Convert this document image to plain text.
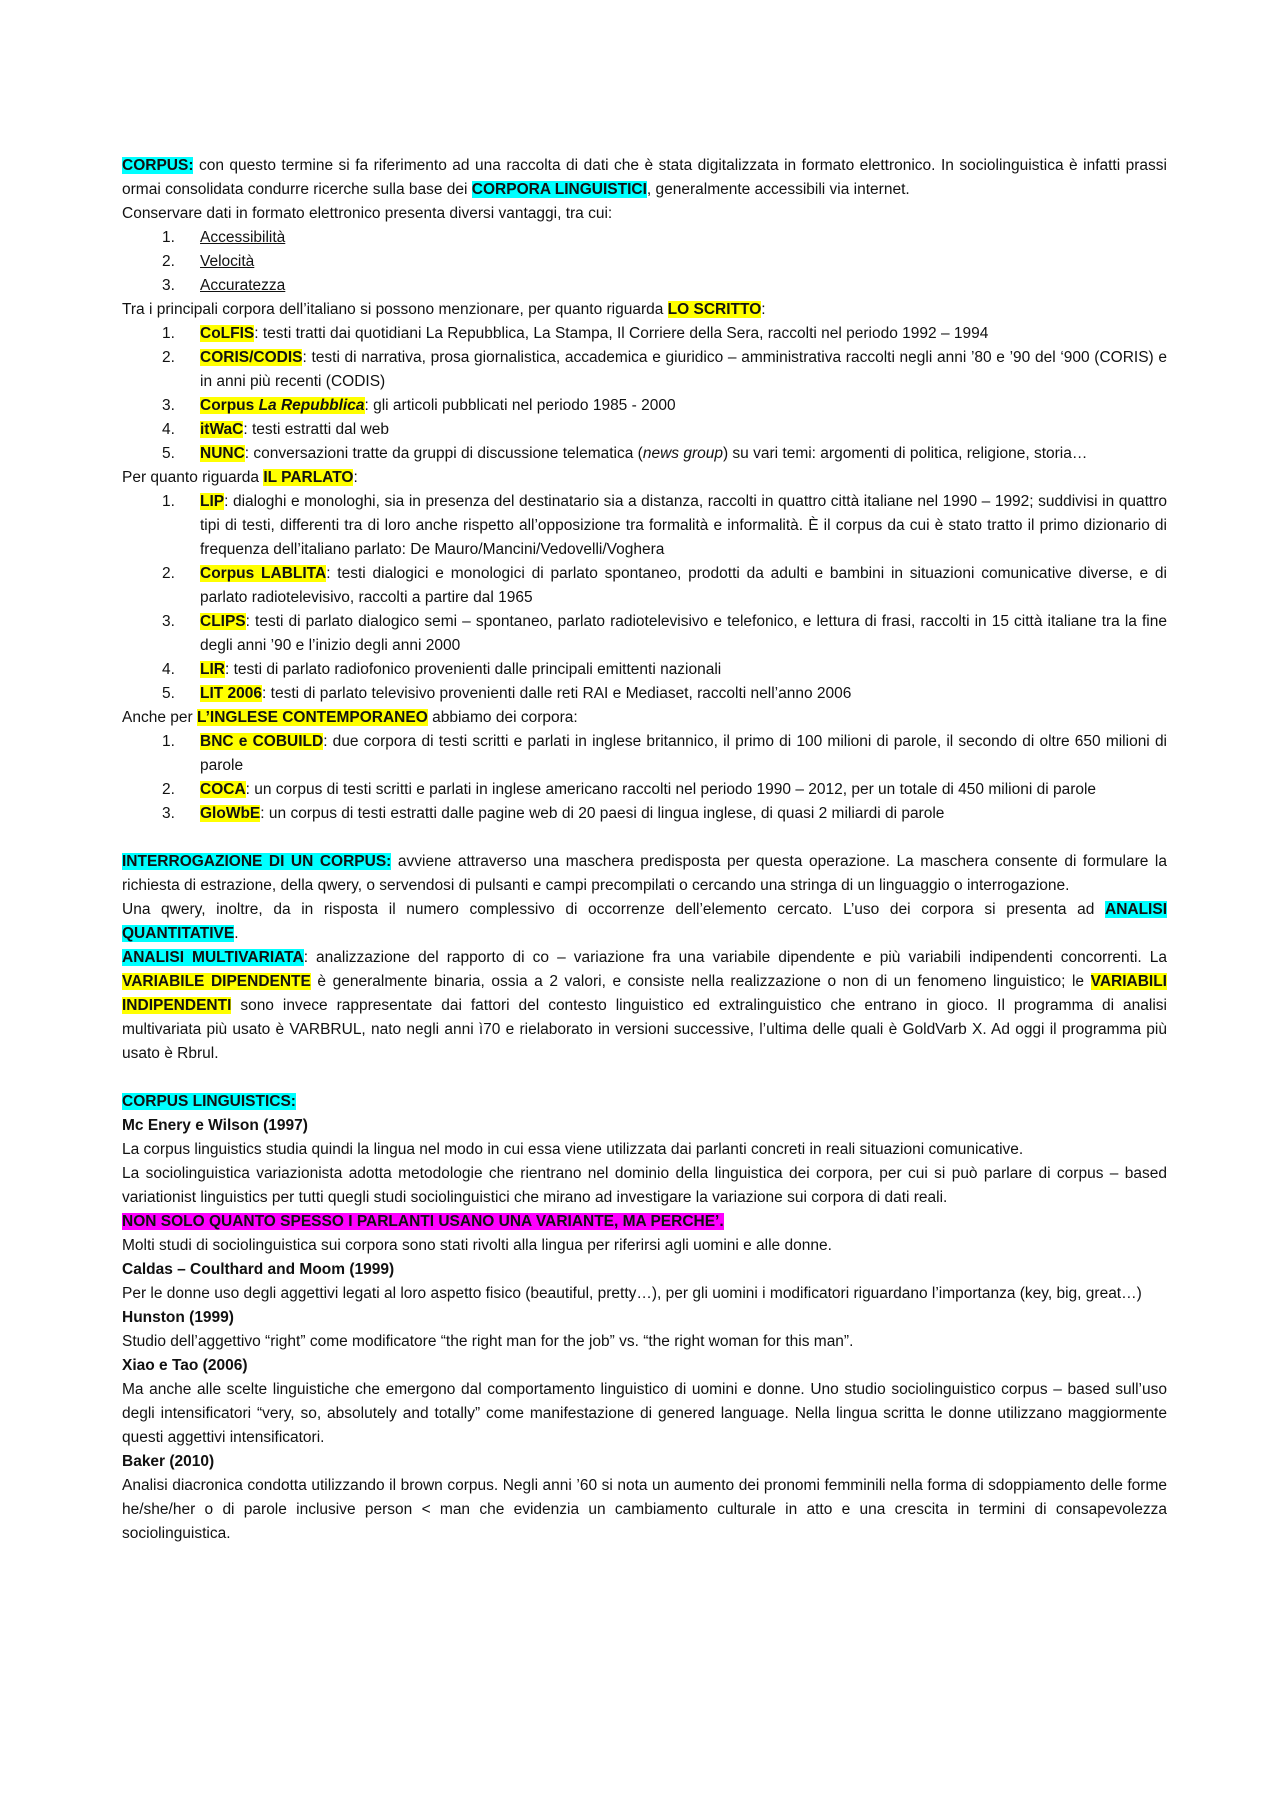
CORPUS: con questo termine si fa riferimento ad una raccolta di dati che è stata digitalizzata in formato elettronico. In sociolinguistica è infatti prassi ormai consolidata condurre ricerche sulla base dei CORPORA LINGUISTICI, generalmente accessibili via internet.

Conservare dati in formato elettronico presenta diversi vantaggi, tra cui:

1. Accessibilità
2. Velocità
3. Accuratezza

Tra i principali corpora dell’italiano si possono menzionare, per quanto riguarda LO SCRITTO:

1. CoLFIS: testi tratti dai quotidiani La Repubblica, La Stampa, Il Corriere della Sera, raccolti nel periodo 1992 – 1994
2. CORIS/CODIS: testi di narrativa, prosa giornalistica, accademica e giuridico – amministrativa raccolti negli anni ’80 e ’90 del ‘900 (CORIS) e in anni più recenti (CODIS)
3. Corpus La Repubblica: gli articoli pubblicati nel periodo 1985 - 2000
4. itWaC: testi estratti dal web
5. NUNC: conversazioni tratte da gruppi di discussione telematica (news group) su vari temi: argomenti di politica, religione, storia…

Per quanto riguarda IL PARLATO:

1. LIP: dialoghi e monologhi, sia in presenza del destinatario sia a distanza, raccolti in quattro città italiane nel 1990 – 1992; suddivisi in quattro tipi di testi, differenti tra di loro anche rispetto all’opposizione tra formalità e informalità. È il corpus da cui è stato tratto il primo dizionario di frequenza dell’italiano parlato: De Mauro/Mancini/Vedovelli/Voghera
2. Corpus LABLITA: testi dialogici e monologici di parlato spontaneo, prodotti da adulti e bambini in situazioni comunicative diverse, e di parlato radiotelevisivo, raccolti a partire dal 1965
3. CLIPS: testi di parlato dialogico semi – spontaneo, parlato radiotelevisivo e telefonico, e lettura di frasi, raccolti in 15 città italiane tra la fine degli anni ’90 e l’inizio degli anni 2000
4. LIR: testi di parlato radiofonico provenienti dalle principali emittenti nazionali
5. LIT 2006: testi di parlato televisivo provenienti dalle reti RAI e Mediaset, raccolti nell’anno 2006

Anche per L’INGLESE CONTEMPORANEO abbiamo dei corpora:

1. BNC e COBUILD: due corpora di testi scritti e parlati in inglese britannico, il primo di 100 milioni di parole, il secondo di oltre 650 milioni di parole
2. COCA: un corpus di testi scritti e parlati in inglese americano raccolti nel periodo 1990 – 2012, per un totale di 450 milioni di parole
3. GloWbE: un corpus di testi estratti dalle pagine web di 20 paesi di lingua inglese, di quasi 2 miliardi di parole

INTERROGAZIONE DI UN CORPUS: avviene attraverso una maschera predisposta per questa operazione. La maschera consente di formulare la richiesta di estrazione, della qwery, o servendosi di pulsanti e campi precompilati o cercando una stringa di un linguaggio o interrogazione.

Una qwery, inoltre, da in risposta il numero complessivo di occorrenze dell’elemento cercato. L’uso dei corpora si presenta ad ANALISI QUANTITATIVE.

ANALISI MULTIVARIATA: analizzazione del rapporto di co – variazione fra una variabile dipendente e più variabili indipendenti concorrenti. La VARIABILE DIPENDENTE è generalmente binaria, ossia a 2 valori, e consiste nella realizzazione o non di un fenomeno linguistico; le VARIABILI INDIPENDENTI sono invece rappresentate dai fattori del contesto linguistico ed extralinguistico che entrano in gioco. Il programma di analisi multivariata più usato è VARBRUL, nato negli anni ì70 e rielaborato in versioni successive, l’ultima delle quali è GoldVarb X. Ad oggi il programma più usato è Rbrul.

CORPUS LINGUISTICS:

Mc Enery e Wilson (1997)

La corpus linguistics studia quindi la lingua nel modo in cui essa viene utilizzata dai parlanti concreti in reali situazioni comunicative.

La sociolinguistica variazionista adotta metodologie che rientrano nel dominio della linguistica dei corpora, per cui si può parlare di corpus – based variationist linguistics per tutti quegli studi sociolinguistici che mirano ad investigare la variazione sui corpora di dati reali.

NON SOLO QUANTO SPESSO I PARLANTI USANO UNA VARIANTE, MA PERCHE’.

Molti studi di sociolinguistica sui corpora sono stati rivolti alla lingua per riferirsi agli uomini e alle donne.

Caldas – Coulthard and Moom (1999)

Per le donne uso degli aggettivi legati al loro aspetto fisico (beautiful, pretty…), per gli uomini i modificatori riguardano l’importanza (key, big, great…)

Hunston (1999)

Studio dell’aggettivo “right” come modificatore “the right man for the job” vs. “the right woman for this man”.

Xiao e Tao (2006)

Ma anche alle scelte linguistiche che emergono dal comportamento linguistico di uomini e donne. Uno studio sociolinguistico corpus – based sull’uso degli intensificatori “very, so, absolutely and totally” come manifestazione di genered language. Nella lingua scritta le donne utilizzano maggiormente questi aggettivi intensificatori.

Baker (2010)

Analisi diacronica condotta utilizzando il brown corpus. Negli anni ’60 si nota un aumento dei pronomi femminili nella forma di sdoppiamento delle forme he/she/her o di parole inclusive person < man che evidenzia un cambiamento culturale in atto e una crescita in termini di consapevolezza sociolinguistica.
